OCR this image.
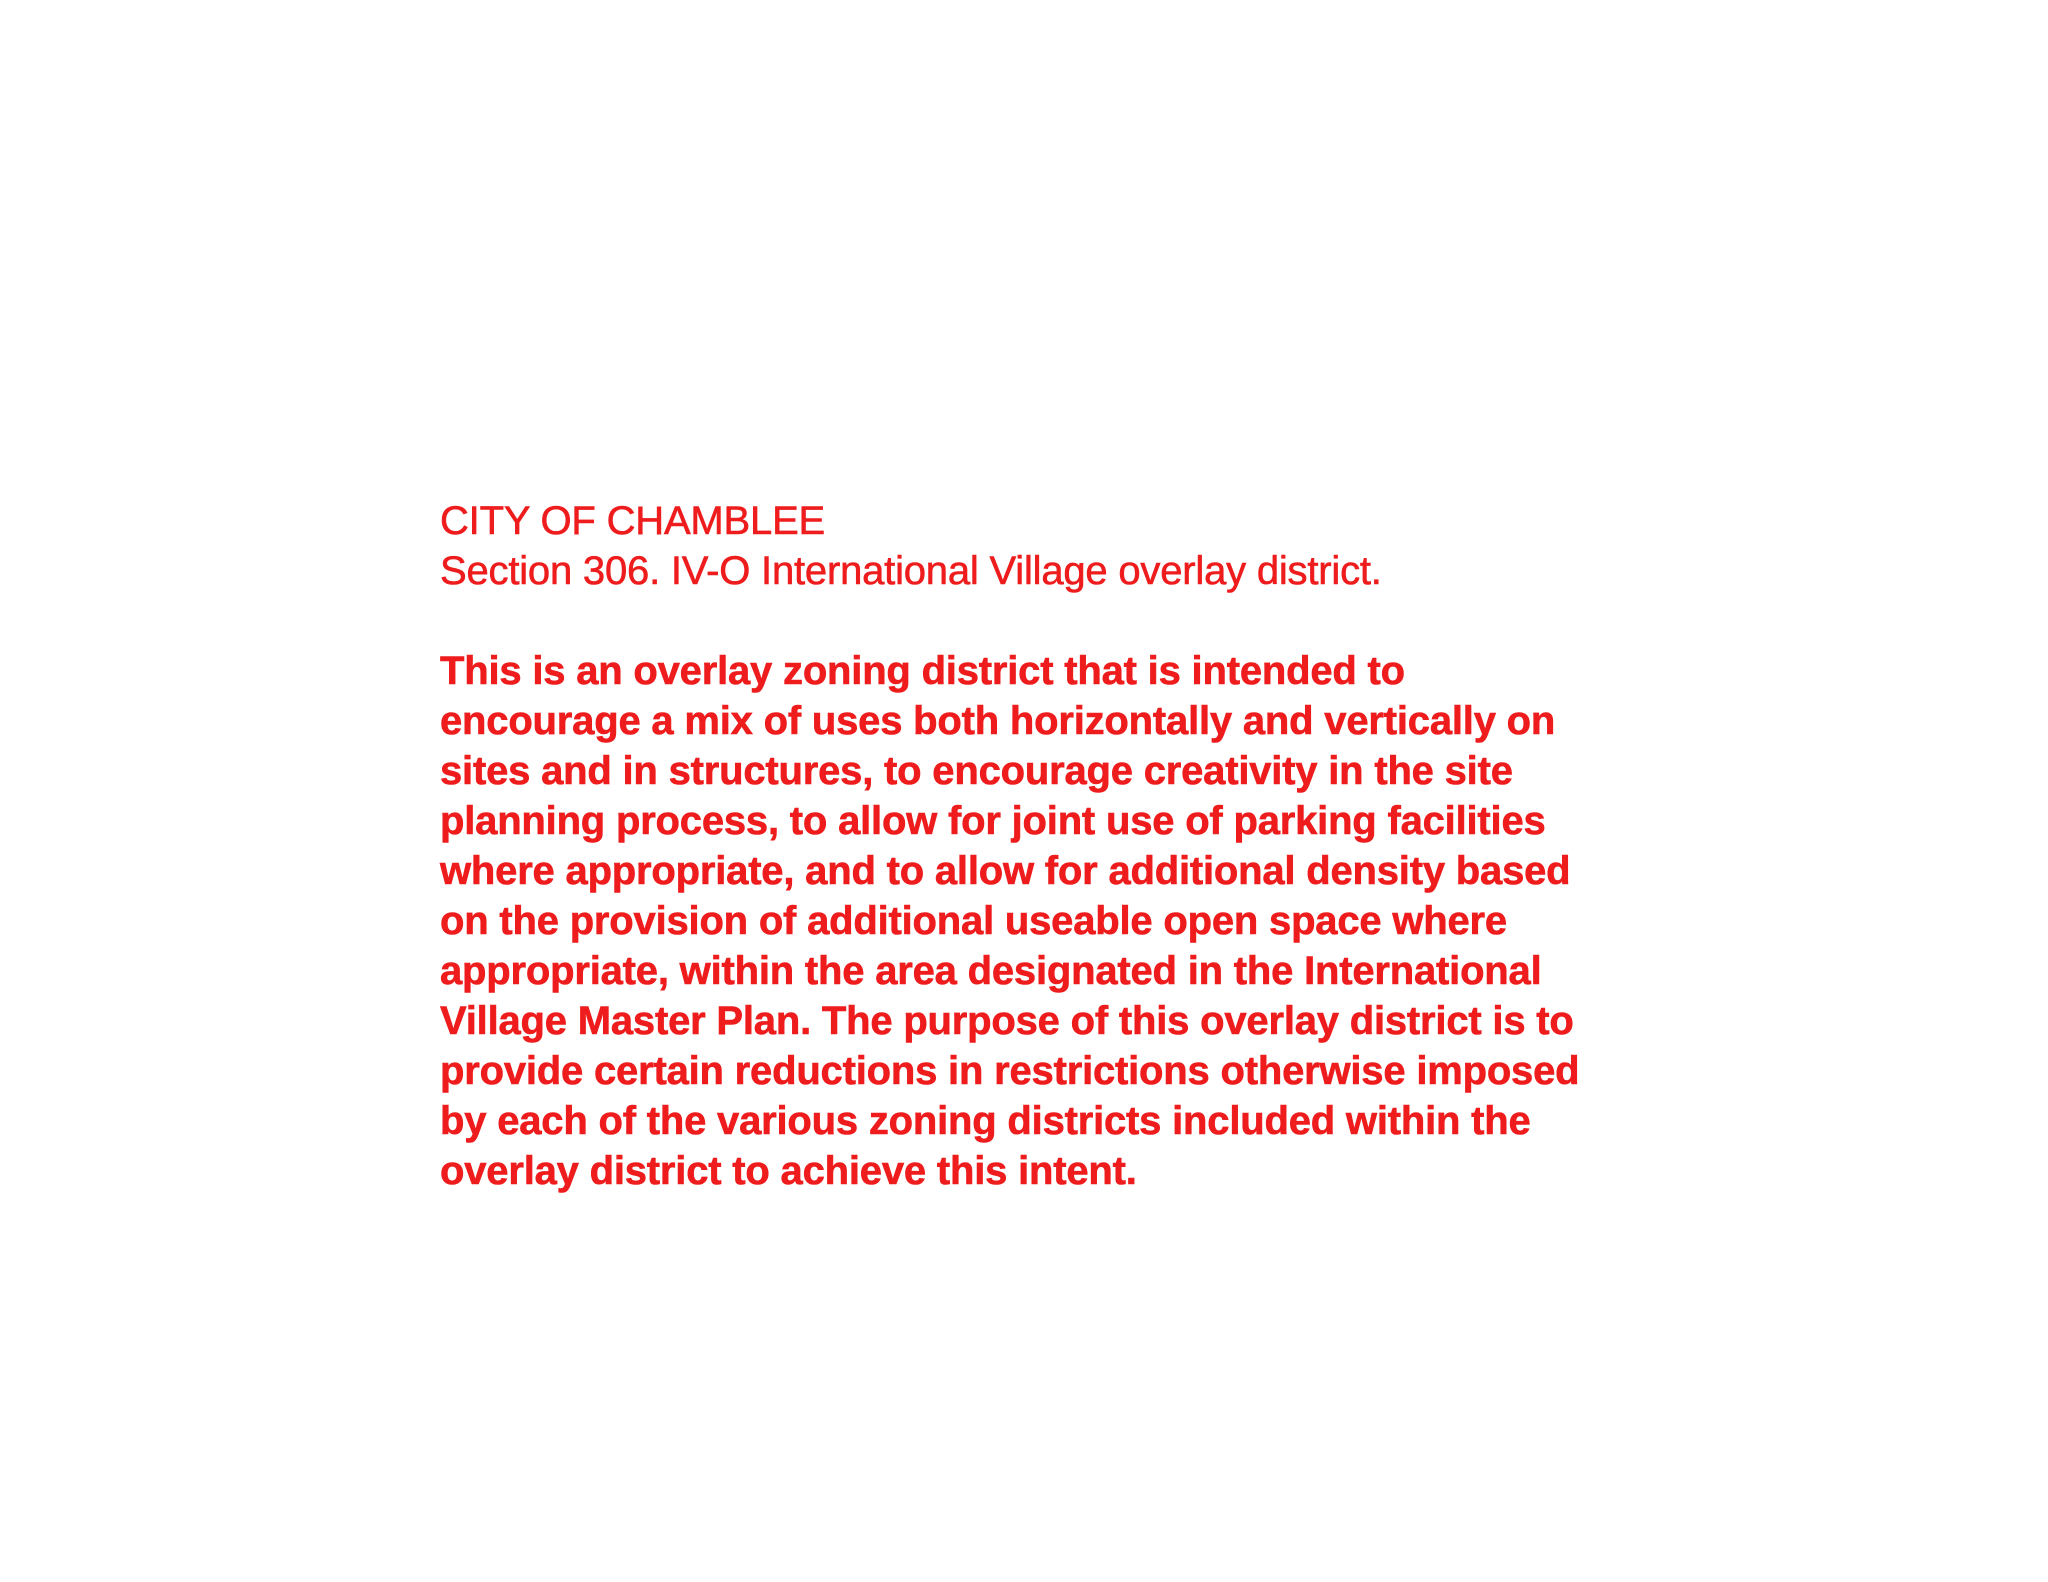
CITY OF CHAMBLEE
Section 306. IV-O International Village overlay district.
This is an overlay zoning district that is intended to
encourage a mix of uses both horizontally and vertically on
sites and in structures, to encourage creativity in the site
planning process, to allow for joint use of parking facilities
where appropriate, and to allow for additional density based
on the provision of additional useable open space where
appropriate, within the area designated in the International
Village Master Plan. The purpose of this overlay district is to
provide certain reductions in restrictions otherwise imposed
by each of the various zoning districts included within the
overlay district to achieve this intent.
